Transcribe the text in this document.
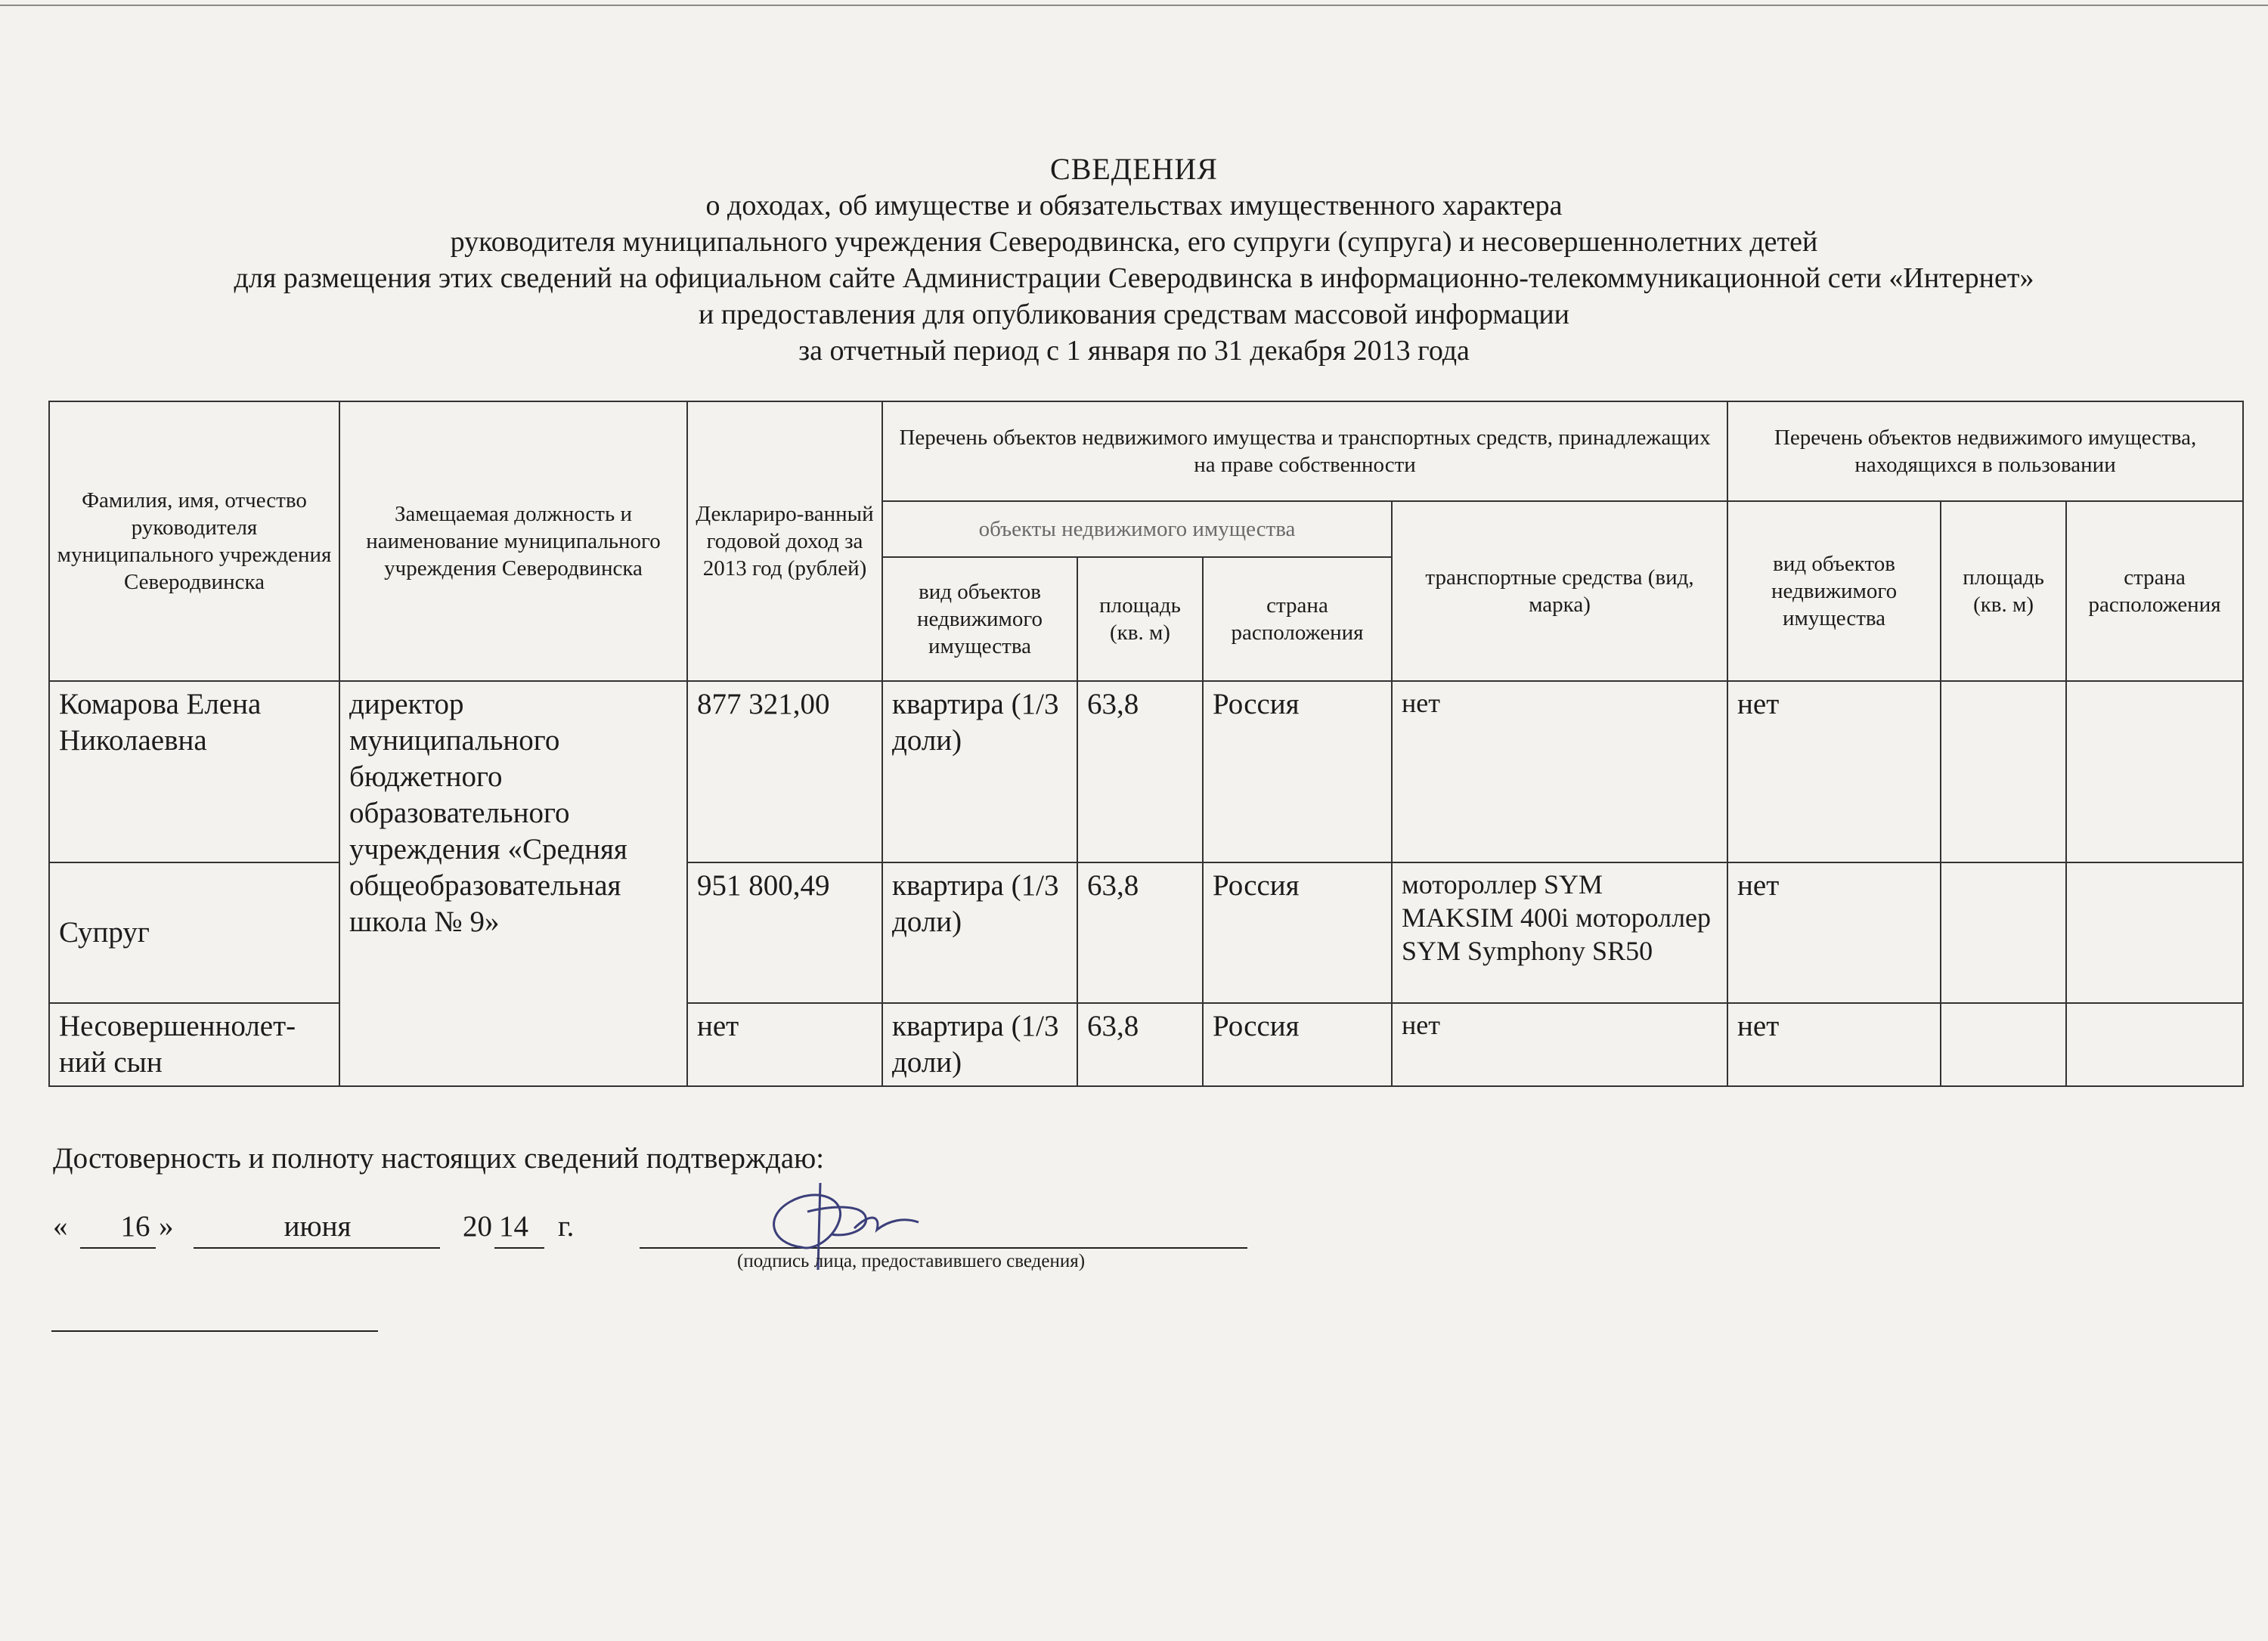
СВЕДЕНИЯ
о доходах, об имуществе и обязательствах имущественного характера
руководителя муниципального учреждения Северодвинска, его супруги (супруга) и несовершеннолетних детей
для размещения этих сведений на официальном сайте Администрации Северодвинска в информационно-телекоммуникационной сети «Интернет»
и предоставления для опубликования средствам массовой информации
за отчетный период с 1 января по 31 декабря 2013 года
Фамилия, имя, отчество руководителя муниципального учреждения Северодвинска	Замещаемая должность и наименование муниципального учреждения Северодвинска	Деклариро-ванный годовой доход за 2013 год (рублей)	Перечень объектов недвижимого имущества и транспортных средств, принадлежащих на праве собственности				Перечень объектов недвижимого имущества, находящихся в пользовании		
			объекты недвижимого имущества			транспортные средства (вид, марка)	вид объектов недвижимого имущества	площадь (кв. м)	страна расположения
			вид объектов недвижимого имущества	площадь (кв. м)	страна расположения				
Комарова Елена Николаевна	директор муниципального бюджетного образовательного учреждения «Средняя общеобразовательная школа № 9»	877 321,00	квартира (1/3 доли)	63,8	Россия	нет	нет		
Супруг		951 800,49	квартира (1/3 доли)	63,8	Россия	мотороллер SYM MAKSIM 400i мотороллер SYM Symphony SR50	нет		
Несовершеннолет-ний сын		нет	квартира (1/3 доли)	63,8	Россия	нет	нет		
Достоверность и полноту настоящих сведений подтверждаю:
«	16 »	июня	20 14 г.
(подпись лица, предоставившего сведения)
